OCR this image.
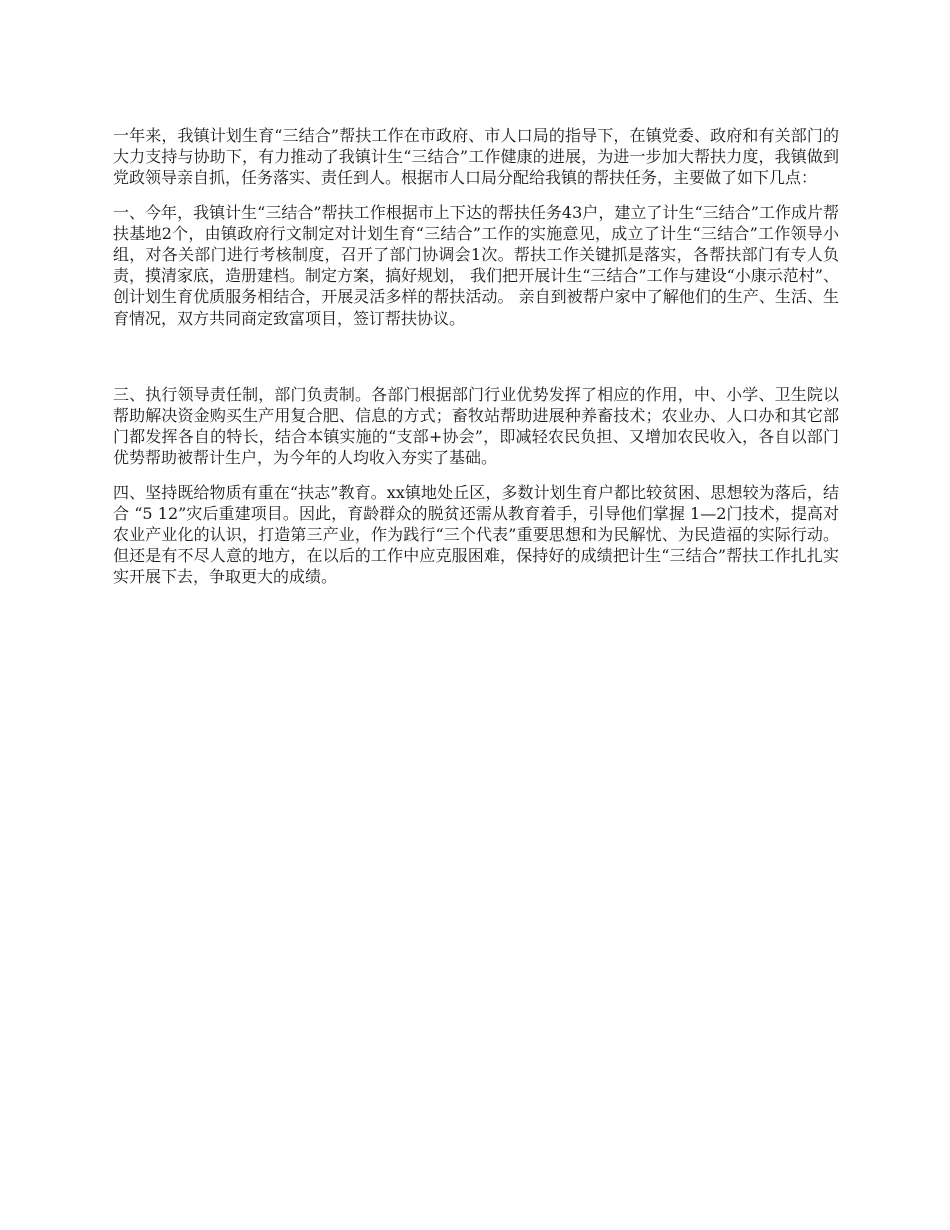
一年来，我镇计划生育“三结合”帮扶工作在市政府、市人口局的指导下，在镇党委、政府和有关部门的大力支持与协助下，有力推动了我镇计生“三结合”工作健康的进展，为进一步加大帮扶力度，我镇做到党政领导亲自抓，任务落实、责任到人。根据市人口局分配给我镇的帮扶任务，主要做了如下几点：

一、今年，我镇计生“三结合”帮扶工作根据市上下达的帮扶任务43户，建立了计生“三结合”工作成片帮扶基地2个，由镇政府行文制定对计划生育“三结合”工作的实施意见，成立了计生“三结合”工作领导小组，对各关部门进行考核制度，召开了部门协调会1次。帮扶工作关键抓是落实，各帮扶部门有专人负责，摸清家底，造册建档。制定方案，搞好规划， 我们把开展计生“三结合”工作与建设“小康示范村”、创计划生育优质服务相结合，开展灵活多样的帮扶活动。 亲自到被帮户家中了解他们的生产、生活、生育情况，双方共同商定致富项目，签订帮扶协议。

三、执行领导责任制，部门负责制。各部门根据部门行业优势发挥了相应的作用，中、小学、卫生院以帮助解决资金购买生产用复合肥、信息的方式；畜牧站帮助进展种养畜技术；农业办、人口办和其它部门都发挥各自的特长，结合本镇实施的“支部+协会”，即减轻农民负担、又增加农民收入，各自以部门优势帮助被帮计生户，为今年的人均收入夯实了基础。

四、坚持既给物质有重在“扶志”教育。xx镇地处丘区，多数计划生育户都比较贫困、思想较为落后，结合 “5 12”灾后重建项目。因此，育龄群众的脱贫还需从教育着手，引导他们掌握 1—2门技术，提高对农业产业化的认识，打造第三产业，作为践行“三个代表”重要思想和为民解忧、为民造福的实际行动。但还是有不尽人意的地方，在以后的工作中应克服困难，保持好的成绩把计生“三结合”帮扶工作扎扎实实开展下去，争取更大的成绩。
